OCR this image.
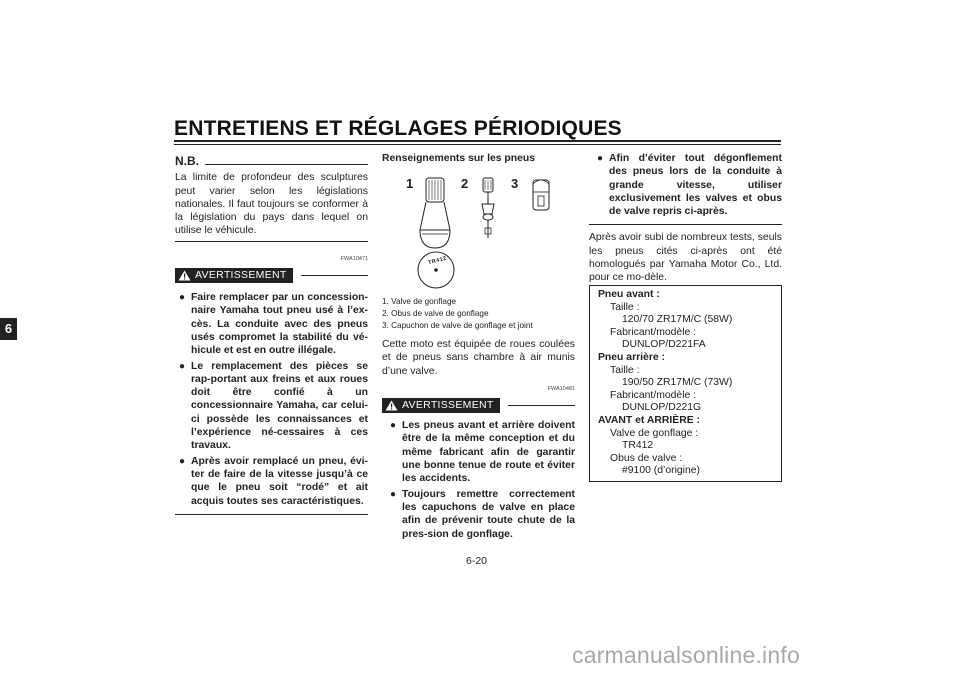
ENTRETIENS ET RÉGLAGES PÉRIODIQUES
6
N.B.
La limite de profondeur des sculptures peut varier selon les législations nationales. Il faut toujours se conformer à la législation du pays dans lequel on utilise le véhicule.
FWA10471
AVERTISSEMENT
● Faire remplacer par un concession-naire Yamaha tout pneu usé à l’ex-cès. La conduite avec des pneus usés compromet la stabilité du vé-hicule et est en outre illégale.
● Le remplacement des pièces se rap-portant aux freins et aux roues doit être confié à un concessionnaire Yamaha, car celui-ci possède les connaissances et l’expérience né-cessaires à ces travaux.
● Après avoir remplacé un pneu, évi-ter de faire de la vitesse jusqu’à ce que le pneu soit “rodé” et ait acquis toutes ses caractéristiques.
Renseignements sur les pneus
1	2	3
TR412
1. Valve de gonflage
2. Obus de valve de gonflage
3. Capuchon de valve de gonflage et joint
Cette moto est équipée de roues coulées et de pneus sans chambre à air munis d’une valve.
FWA10481
AVERTISSEMENT
● Les pneus avant et arrière doivent être de la même conception et du même fabricant afin de garantir une bonne tenue de route et éviter les accidents.
● Toujours remettre correctement les capuchons de valve en place afin de prévenir toute chute de la pres-sion de gonflage.
● Afin d’éviter tout dégonflement des pneus lors de la conduite à grande vitesse, utiliser exclusivement les valves et obus de valve repris ci-après.
Après avoir subi de nombreux tests, seuls les pneus cités ci-après ont été homologués par Yamaha Motor Co., Ltd. pour ce mo-dèle.
Pneu avant :
Taille :
120/70 ZR17M/C (58W)
Fabricant/modèle :
DUNLOP/D221FA
Pneu arrière :
Taille :
190/50 ZR17M/C (73W)
Fabricant/modèle :
DUNLOP/D221G
AVANT et ARRIÈRE :
Valve de gonflage :
TR412
Obus de valve :
#9100 (d’origine)
6-20
carmanualsonline.info
